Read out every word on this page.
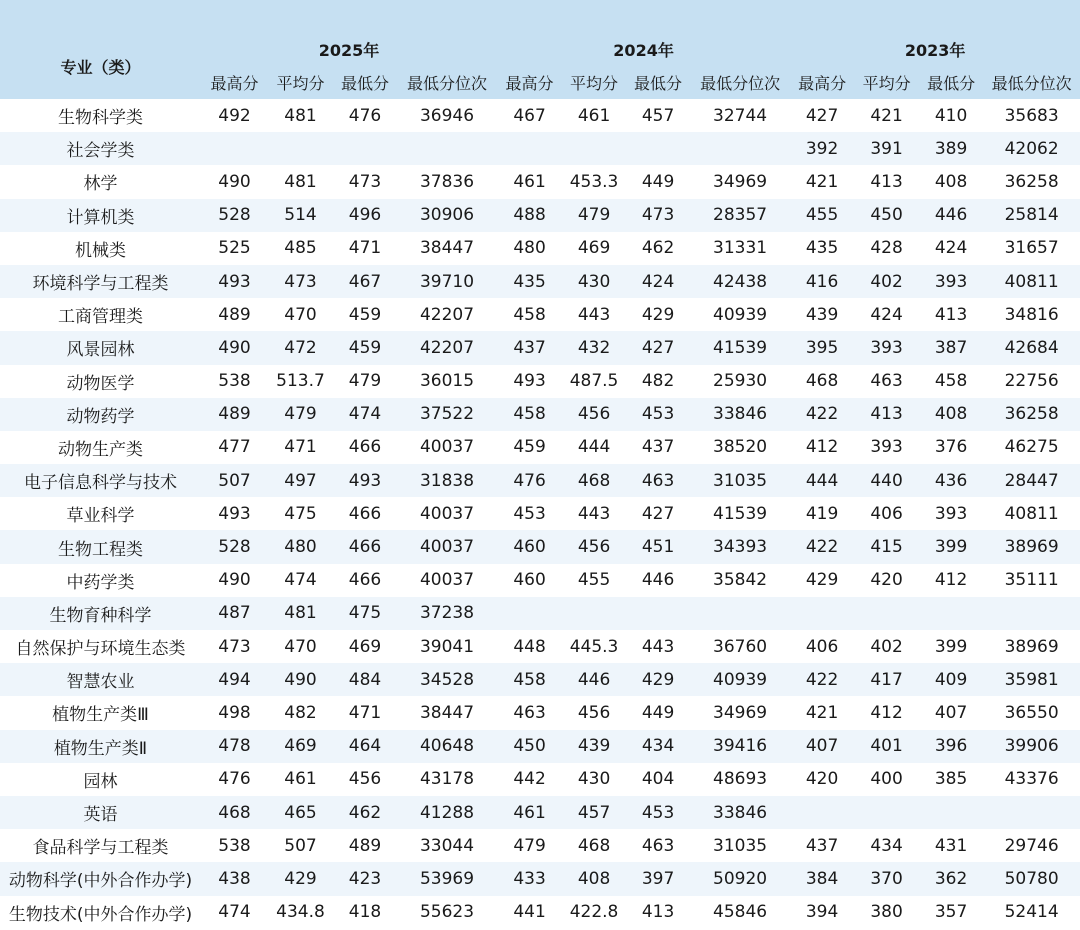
专业（类）	2025年				2024年				2023年			
	最高分	平均分	最低分	最低分位次	最高分	平均分	最低分	最低分位次	最高分	平均分	最低分	最低分位次
生物科学类	492	481	476	36946	467	461	457	32744	427	421	410	35683
社会学类									392	391	389	42062
林学	490	481	473	37836	461	453.3	449	34969	421	413	408	36258
计算机类	528	514	496	30906	488	479	473	28357	455	450	446	25814
机械类	525	485	471	38447	480	469	462	31331	435	428	424	31657
环境科学与工程类	493	473	467	39710	435	430	424	42438	416	402	393	40811
工商管理类	489	470	459	42207	458	443	429	40939	439	424	413	34816
风景园林	490	472	459	42207	437	432	427	41539	395	393	387	42684
动物医学	538	513.7	479	36015	493	487.5	482	25930	468	463	458	22756
动物药学	489	479	474	37522	458	456	453	33846	422	413	408	36258
动物生产类	477	471	466	40037	459	444	437	38520	412	393	376	46275
电子信息科学与技术	507	497	493	31838	476	468	463	31035	444	440	436	28447
草业科学	493	475	466	40037	453	443	427	41539	419	406	393	40811
生物工程类	528	480	466	40037	460	456	451	34393	422	415	399	38969
中药学类	490	474	466	40037	460	455	446	35842	429	420	412	35111
生物育种科学	487	481	475	37238								
自然保护与环境生态类	473	470	469	39041	448	445.3	443	36760	406	402	399	38969
智慧农业	494	490	484	34528	458	446	429	40939	422	417	409	35981
植物生产类Ⅲ	498	482	471	38447	463	456	449	34969	421	412	407	36550
植物生产类Ⅱ	478	469	464	40648	450	439	434	39416	407	401	396	39906
园林	476	461	456	43178	442	430	404	48693	420	400	385	43376
英语	468	465	462	41288	461	457	453	33846				
食品科学与工程类	538	507	489	33044	479	468	463	31035	437	434	431	29746
动物科学(中外合作办学)	438	429	423	53969	433	408	397	50920	384	370	362	50780
生物技术(中外合作办学)	474	434.8	418	55623	441	422.8	413	45846	394	380	357	52414
